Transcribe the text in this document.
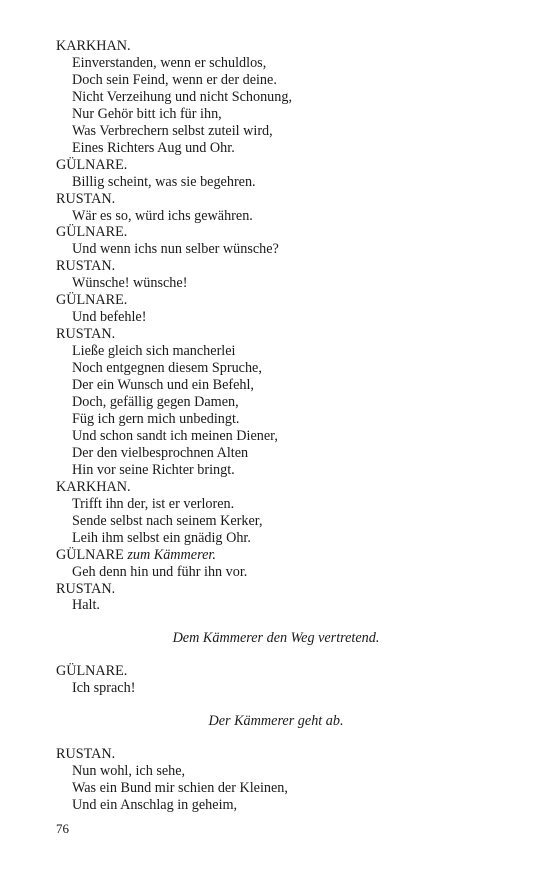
KARKHAN.
Einverstanden, wenn er schuldlos,
Doch sein Feind, wenn er der deine.
Nicht Verzeihung und nicht Schonung,
Nur Gehör bitt ich für ihn,
Was Verbrechern selbst zuteil wird,
Eines Richters Aug und Ohr.
GÜLNARE.
Billig scheint, was sie begehren.
RUSTAN.
Wär es so, würd ichs gewähren.
GÜLNARE.
Und wenn ichs nun selber wünsche?
RUSTAN.
Wünsche! wünsche!
GÜLNARE.
Und befehle!
RUSTAN.
Ließe gleich sich mancherlei
Noch entgegnen diesem Spruche,
Der ein Wunsch und ein Befehl,
Doch, gefällig gegen Damen,
Füg ich gern mich unbedingt.
Und schon sandt ich meinen Diener,
Der den vielbesprochnen Alten
Hin vor seine Richter bringt.
KARKHAN.
Trifft ihn der, ist er verloren.
Sende selbst nach seinem Kerker,
Leih ihm selbst ein gnädig Ohr.
GÜLNARE zum Kämmerer.
Geh denn hin und führ ihn vor.
RUSTAN.
Halt.
Dem Kämmerer den Weg vertretend.
GÜLNARE.
Ich sprach!
Der Kämmerer geht ab.
RUSTAN.
Nun wohl, ich sehe,
Was ein Bund mir schien der Kleinen,
Und ein Anschlag in geheim,
76
